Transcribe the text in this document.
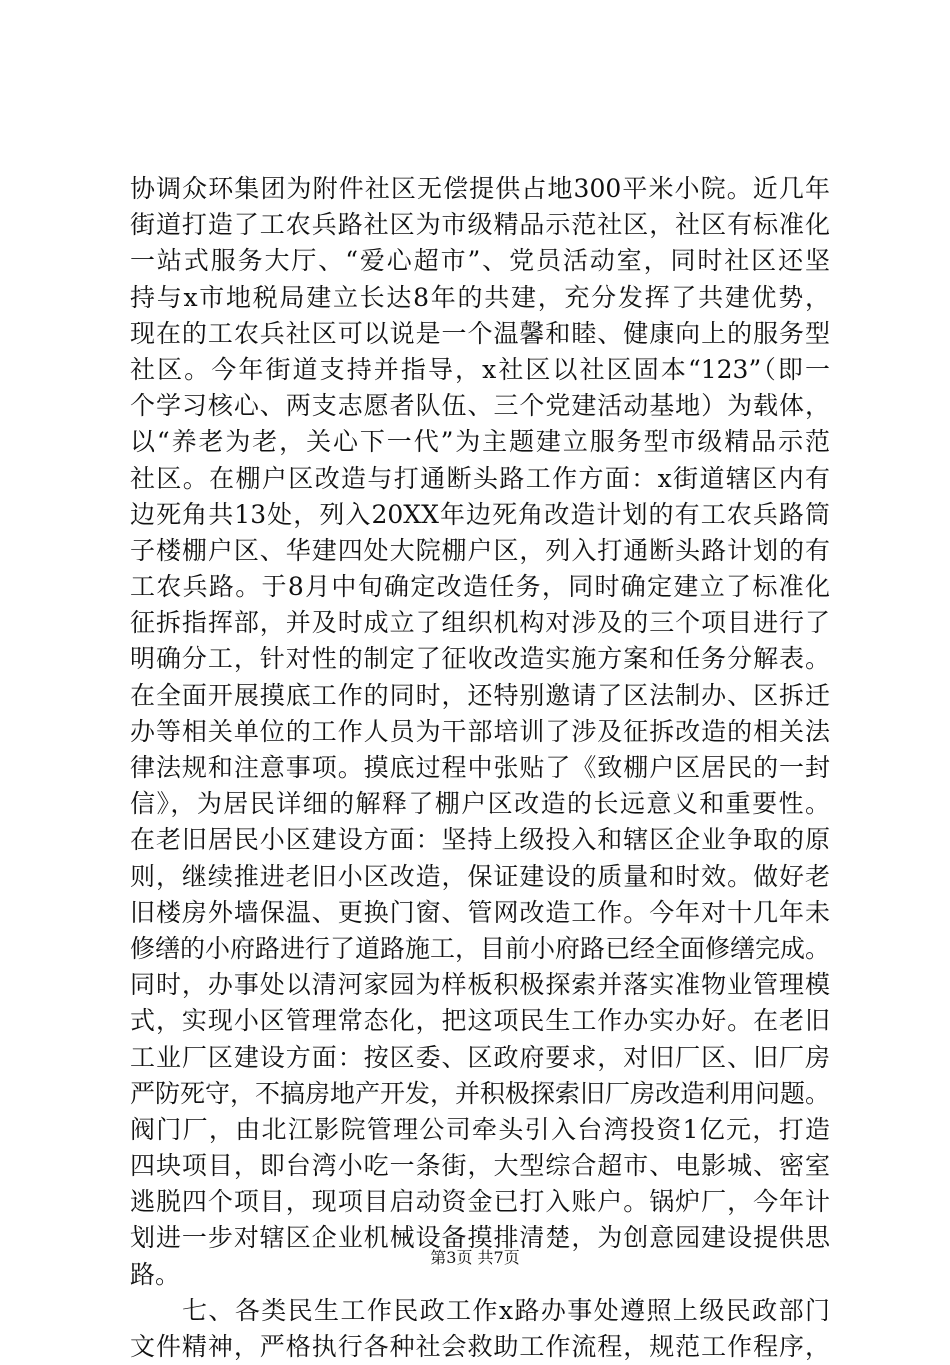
协调众环集团为附件社区无偿提供占地300平米小院。近几年
街道打造了工农兵路社区为市级精品示范社区，社区有标准化
一站式服务大厅、“爱心超市”、党员活动室，同时社区还坚
持与x市地税局建立长达8年的共建，充分发挥了共建优势，
现在的工农兵社区可以说是一个温馨和睦、健康向上的服务型
社区。今年街道支持并指导，x社区以社区固本“123”（即一
个学习核心、两支志愿者队伍、三个党建活动基地）为载体，
以“养老为老，关心下一代”为主题建立服务型市级精品示范
社区。在棚户区改造与打通断头路工作方面：x街道辖区内有
边死角共13处，列入20XX年边死角改造计划的有工农兵路筒
子楼棚户区、华建四处大院棚户区，列入打通断头路计划的有
工农兵路。于8月中旬确定改造任务，同时确定建立了标准化
征拆指挥部，并及时成立了组织机构对涉及的三个项目进行了
明确分工，针对性的制定了征收改造实施方案和任务分解表。
在全面开展摸底工作的同时，还特别邀请了区法制办、区拆迁
办等相关单位的工作人员为干部培训了涉及征拆改造的相关法
律法规和注意事项。摸底过程中张贴了《致棚户区居民的一封
信》，为居民详细的解释了棚户区改造的长远意义和重要性。
在老旧居民小区建设方面：坚持上级投入和辖区企业争取的原
则，继续推进老旧小区改造，保证建设的质量和时效。做好老
旧楼房外墙保温、更换门窗、管网改造工作。今年对十几年未
修缮的小府路进行了道路施工，目前小府路已经全面修缮完成。
同时，办事处以清河家园为样板积极探索并落实准物业管理模
式，实现小区管理常态化，把这项民生工作办实办好。在老旧
工业厂区建设方面：按区委、区政府要求，对旧厂区、旧厂房
严防死守，不搞房地产开发，并积极探索旧厂房改造利用问题。
阀门厂，由北江影院管理公司牵头引入台湾投资1亿元，打造
四块项目，即台湾小吃一条街，大型综合超市、电影城、密室
逃脱四个项目，现项目启动资金已打入账户。锅炉厂，今年计
划进一步对辖区企业机械设备摸排清楚，为创意园建设提供思
路。
七、各类民生工作民政工作x路办事处遵照上级民政部门
文件精神，严格执行各种社会救助工作流程，规范工作程序，
第3页 共7页
